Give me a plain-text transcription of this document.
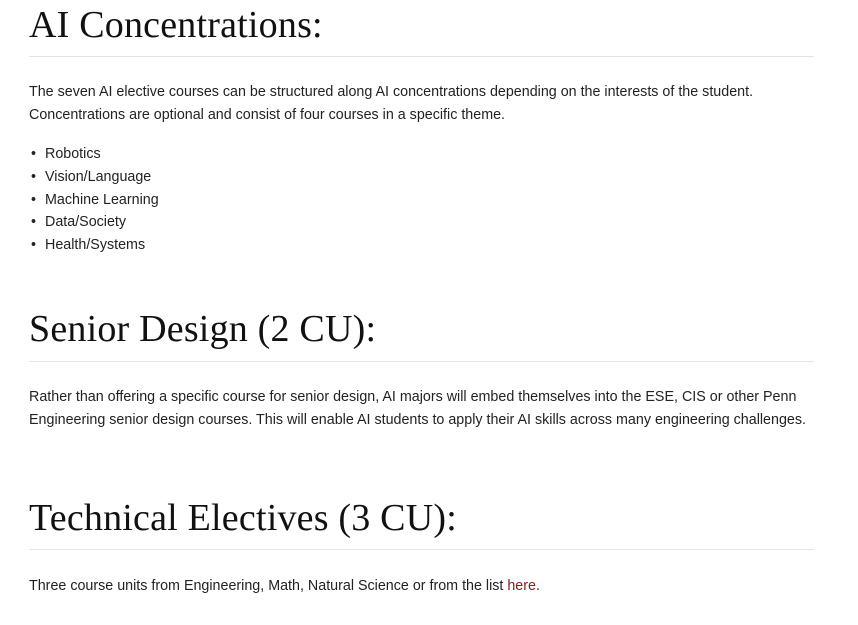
AI Concentrations:

The seven AI elective courses can be structured along AI concentrations depending on the interests of the student. Concentrations are optional and consist of four courses in a specific theme.

• Robotics
• Vision/Language
• Machine Learning
• Data/Society
• Health/Systems
Senior Design (2 CU):

Rather than offering a specific course for senior design, AI majors will embed themselves into the ESE, CIS or other Penn Engineering senior design courses. This will enable AI students to apply their AI skills across many engineering challenges.

Technical Electives (3 CU):

Three course units from Engineering, Math, Natural Science or from the list here.
